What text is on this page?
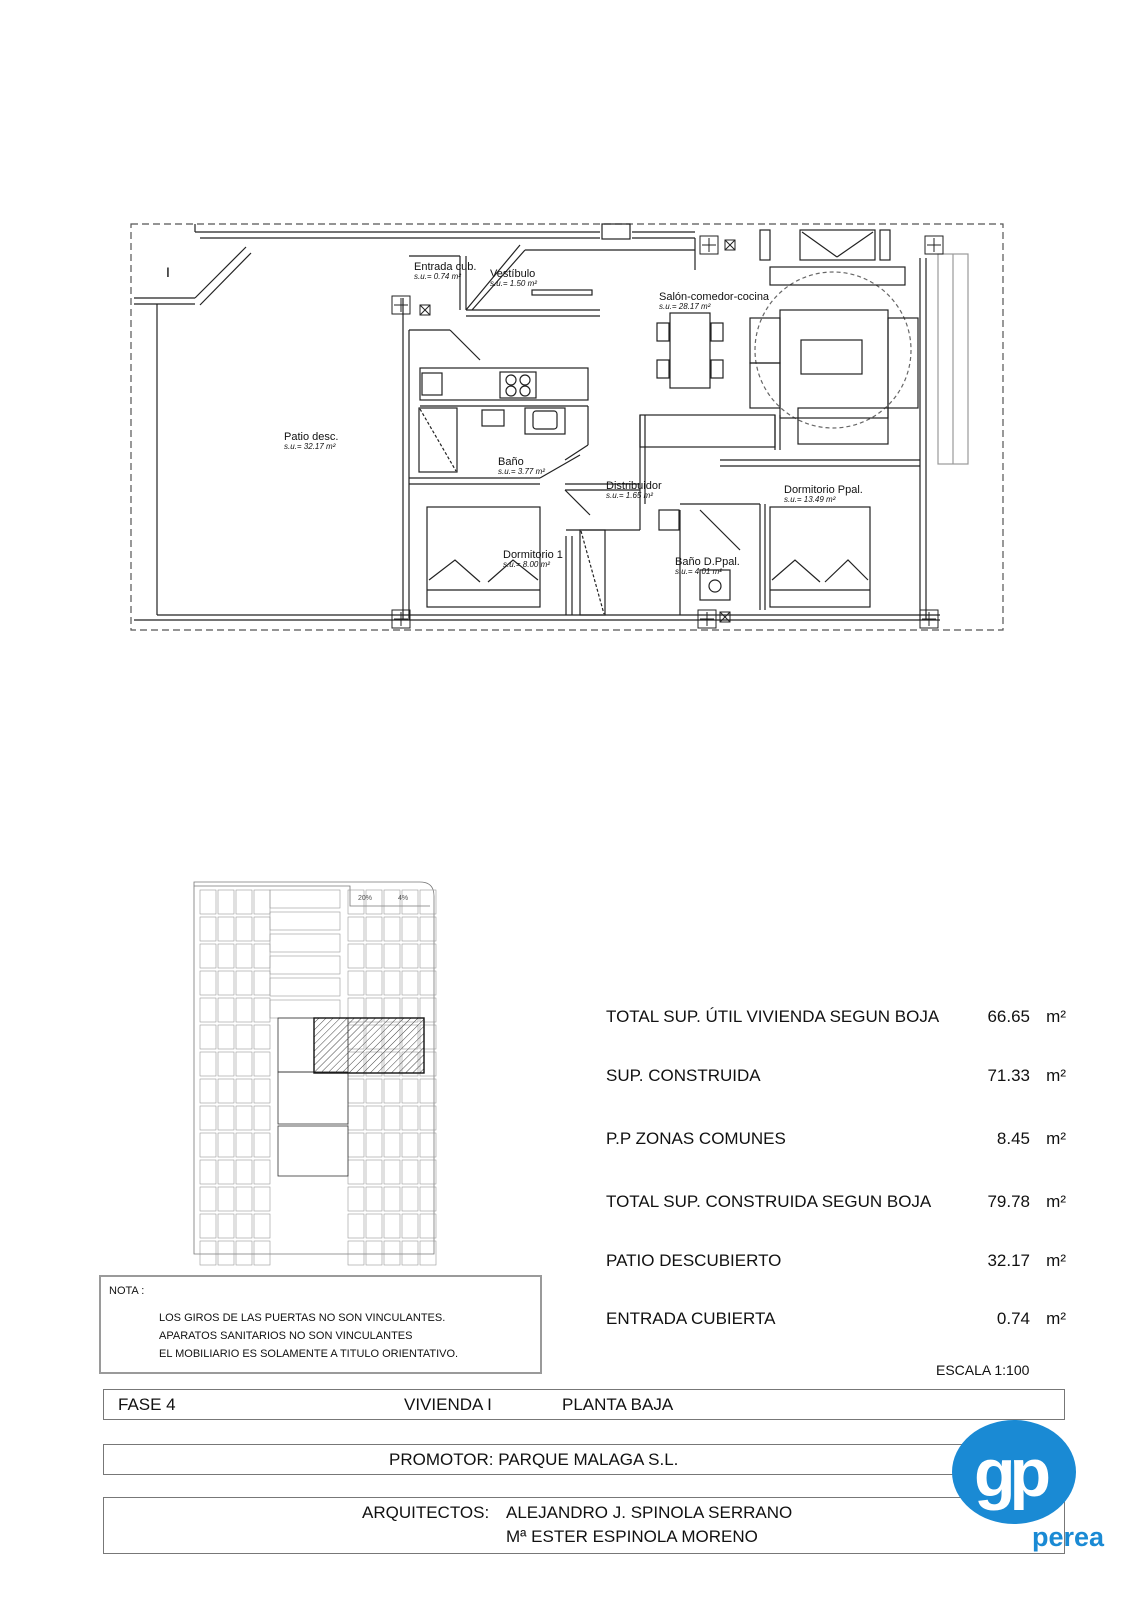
I	Entrada cub.
s.u.= 0.74 m²	Vestíbulo
s.u.= 1.50 m²
Salón-comedor-cocina
s.u.= 28.17 m²
Patio desc.
s.u.= 32.17 m²
Baño
s.u.= 3.77 m²
Distribuidor
s.u.= 1.65 m²	Dormitorio Ppal.
s.u.= 13.49 m²
Dormitorio 1
s.u.= 8.00 m²	Baño D.Ppal.
s.u.= 4.01 m²
20%	4%
TOTAL SUP. ÚTIL VIVIENDA SEGUN BOJA	66.65 m²
SUP. CONSTRUIDA	71.33 m²
P.P ZONAS COMUNES	8.45 m²
TOTAL SUP. CONSTRUIDA SEGUN BOJA	79.78 m²
PATIO DESCUBIERTO	32.17 m²
ENTRADA CUBIERTA	0.74 m²
NOTA :
LOS GIROS DE LAS PUERTAS NO SON VINCULANTES.
APARATOS SANITARIOS NO SON VINCULANTES
EL MOBILIARIO ES SOLAMENTE A TITULO ORIENTATIVO.
ESCALA 1:100
FASE 4	VIVIENDA I	PLANTA BAJA
PROMOTOR: PARQUE MALAGA S.L.
ARQUITECTOS: ALEJANDRO J. SPINOLA SERRANO
Mª ESTER ESPINOLA MORENO
gp
perea
